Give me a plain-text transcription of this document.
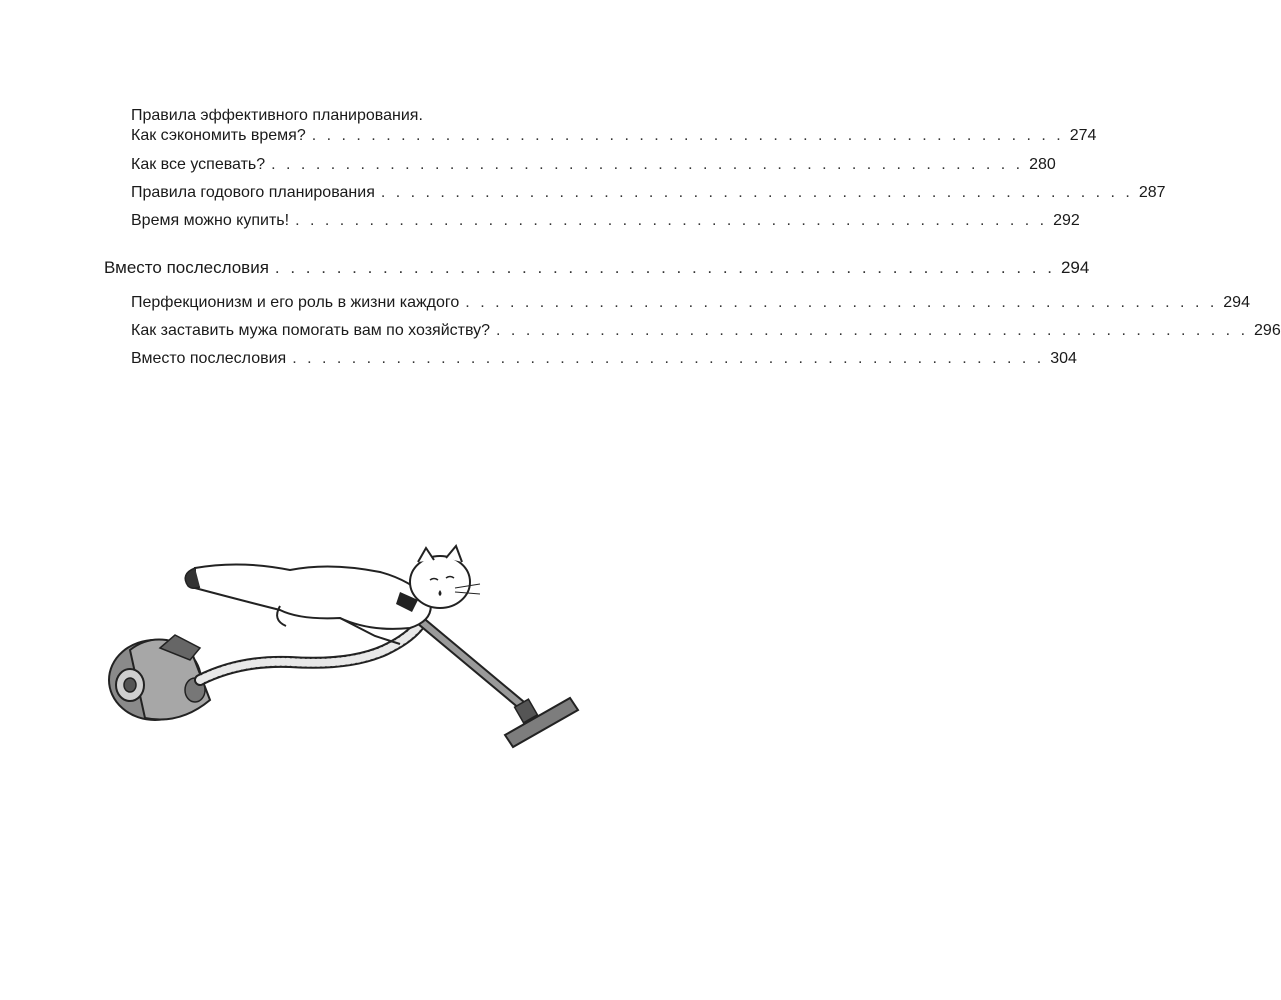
Правила эффективного планирования.
Как сэкономить время? . . . . . . . . . . . . . . . . . . . . . . . . . . . . . . . . . . . . . . . . . . . . . . . . . . . 274
Как все успевать? . . . . . . . . . . . . . . . . . . . . . . . . . . . . . . . . . . . . . . . . . . . . . . . . . . . 280
Правила годового планирования . . . . . . . . . . . . . . . . . . . . . . . . . . . . . . . . . . . . . . . . . . . . . . . . . . . 287
Время можно купить! . . . . . . . . . . . . . . . . . . . . . . . . . . . . . . . . . . . . . . . . . . . . . . . . . . . 292
Вместо послесловия . . . . . . . . . . . . . . . . . . . . . . . . . . . . . . . . . . . . . . . . . . . . . . . . . . . 294
Перфекционизм и его роль в жизни каждого . . . . . . . . . . . . . . . . . . . . . . . . . . . . . . . . . . . . . . . . . . . . . . . . . . . 294
Как заставить мужа помогать вам по хозяйству? . . . . . . . . . . . . . . . . . . . . . . . . . . . . . . . . . . . . . . . . . . . . . . . . . . . 296
Вместо послесловия . . . . . . . . . . . . . . . . . . . . . . . . . . . . . . . . . . . . . . . . . . . . . . . . . . . 304
